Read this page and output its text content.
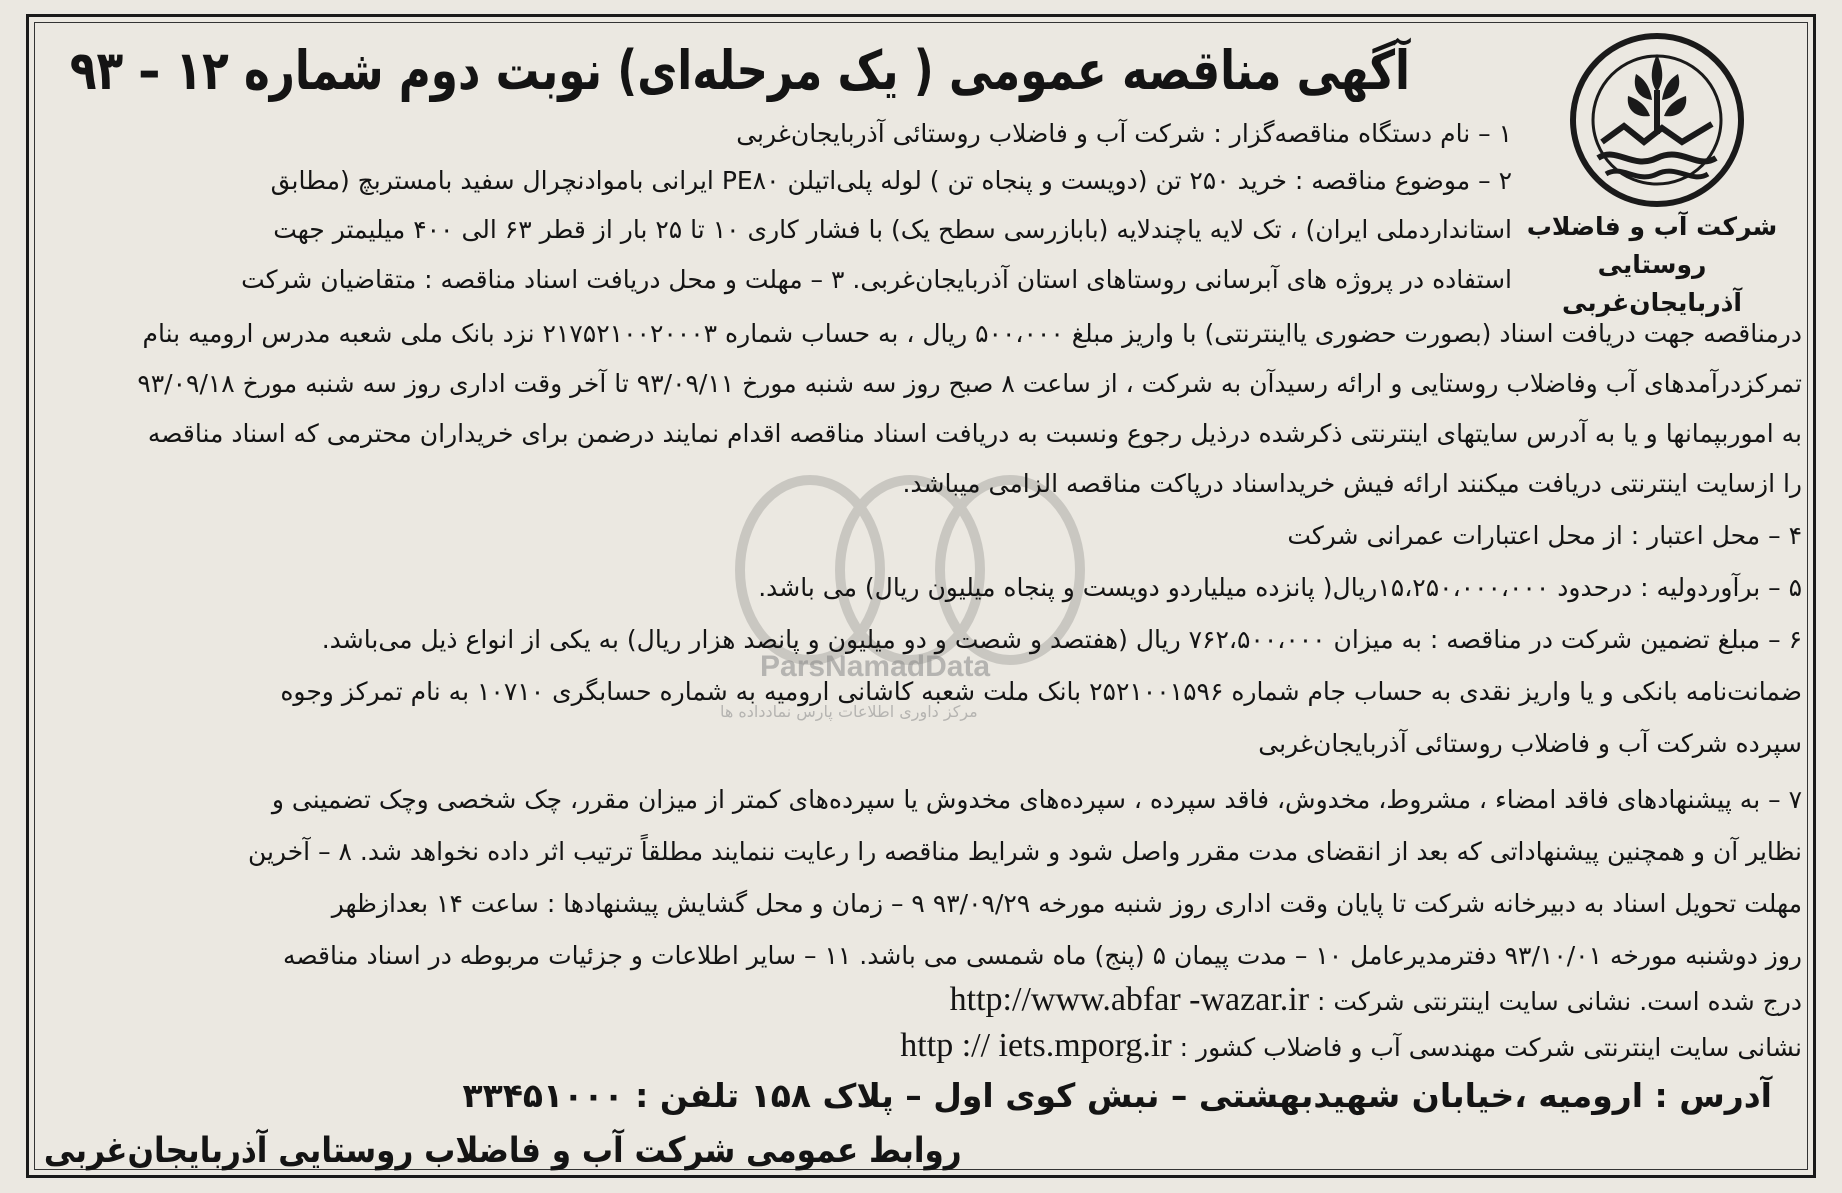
شرکت آب و فاضلاب روستایی
آذربایجان‌غربی
آگهی مناقصه عمومی ( یک مرحله‌ای) نوبت دوم شماره ۱۲ – ۹۳
ParsNamadData
مرکز داوری اطلاعات پارس نمادداده ها
۱ – نام دستگاه مناقصه‌گزار : شرکت آب و فاضلاب روستائی آذربایجان‌غربی
۲ – موضوع مناقصه : خرید ۲۵۰ تن (دویست و پنجاه تن ) لوله پلی‌اتیلن PE۸۰ ایرانی باموادنچرال سفید بامستربچ (مطابق
استانداردملی ایران) ، تک لایه یاچندلایه (بابازرسی سطح یک) با فشار کاری ۱۰ تا ۲۵ بار از قطر ۶۳ الی ۴۰۰ میلیمتر جهت
استفاده در پروژه های آبرسانی روستاهای استان آذربایجان‌غربی. ۳ – مهلت و محل دریافت اسناد مناقصه : متقاضیان شرکت
درمناقصه جهت دریافت اسناد (بصورت حضوری یااینترنتی) با واریز مبلغ ۵۰۰،۰۰۰ ریال ، به حساب شماره ۲۱۷۵۲۱۰۰۲۰۰۰۳ نزد بانک ملی شعبه مدرس ارومیه بنام
تمرکزدرآمدهای آب وفاضلاب روستایی و ارائه رسیدآن به شرکت ، از ساعت ۸ صبح روز سه شنبه مورخ ۹۳/۰۹/۱۱ تا آخر وقت اداری روز سه شنبه مورخ ۹۳/۰۹/۱۸
به اموربپمانها و یا به آدرس سایتهای اینترنتی ذکرشده درذیل رجوع ونسبت به دریافت اسناد مناقصه اقدام نمایند درضمن برای خریداران محترمی که اسناد مناقصه
را ازسایت اینترنتی دریافت میکنند ارائه فیش خریداسناد درپاکت مناقصه الزامی میباشد.
۴ – محل اعتبار : از محل اعتبارات عمرانی شرکت
۵ – برآوردولیه : درحدود ۱۵،۲۵۰،۰۰۰،۰۰۰ریال( پانزده میلیاردو دویست و پنجاه میلیون ریال) می باشد.
۶ – مبلغ تضمین شرکت در مناقصه : به میزان ۷۶۲،۵۰۰،۰۰۰ ریال (هفتصد و شصت و دو میلیون و پانصد هزار ریال) به یکی از انواع ذیل می‌باشد.
ضمانت‌نامه بانکی و یا واریز نقدی به حساب جام شماره ۲۵۲۱۰۰۱۵۹۶ بانک ملت شعبه کاشانی ارومیه به شماره حسابگری ۱۰۷۱۰ به نام تمرکز وجوه
سپرده شرکت آب و فاضلاب روستائی آذربایجان‌غربی
۷ – به پیشنهادهای فاقد امضاء ، مشروط، مخدوش، فاقد سپرده ، سپرده‌های مخدوش یا سپرده‌های کمتر از میزان مقرر، چک شخصی وچک تضمینی و
نظایر آن و همچنین پیشنهاداتی که بعد از انقضای مدت مقرر واصل شود و شرایط مناقصه را رعایت ننمایند مطلقاً ترتیب اثر داده نخواهد شد. ۸ – آخرین
مهلت تحویل اسناد به دبیرخانه شرکت تا پایان وقت اداری روز شنبه مورخه ۹۳/۰۹/۲۹ ۹ – زمان و محل گشایش پیشنهادها : ساعت ۱۴ بعدازظهر
روز دوشنبه مورخه ۹۳/۱۰/۰۱ دفترمدیرعامل ۱۰ – مدت پیمان ۵ (پنج) ماه شمسی می باشد. ۱۱ – سایر اطلاعات و جزئیات مربوطه در اسناد مناقصه
درج شده است. نشانی سایت اینترنتی شرکت : http://www.abfar -wazar.ir
نشانی سایت اینترنتی شرکت مهندسی آب و فاضلاب کشور : http :// iets.mporg.ir
آدرس : ارومیه ،خیابان شهیدبهشتی – نبش کوی اول – پلاک ۱۵۸ تلفن : ۳۳۴۵۱۰۰۰
روابط عمومی شرکت آب و فاضلاب روستایی آذربایجان‌غربی
